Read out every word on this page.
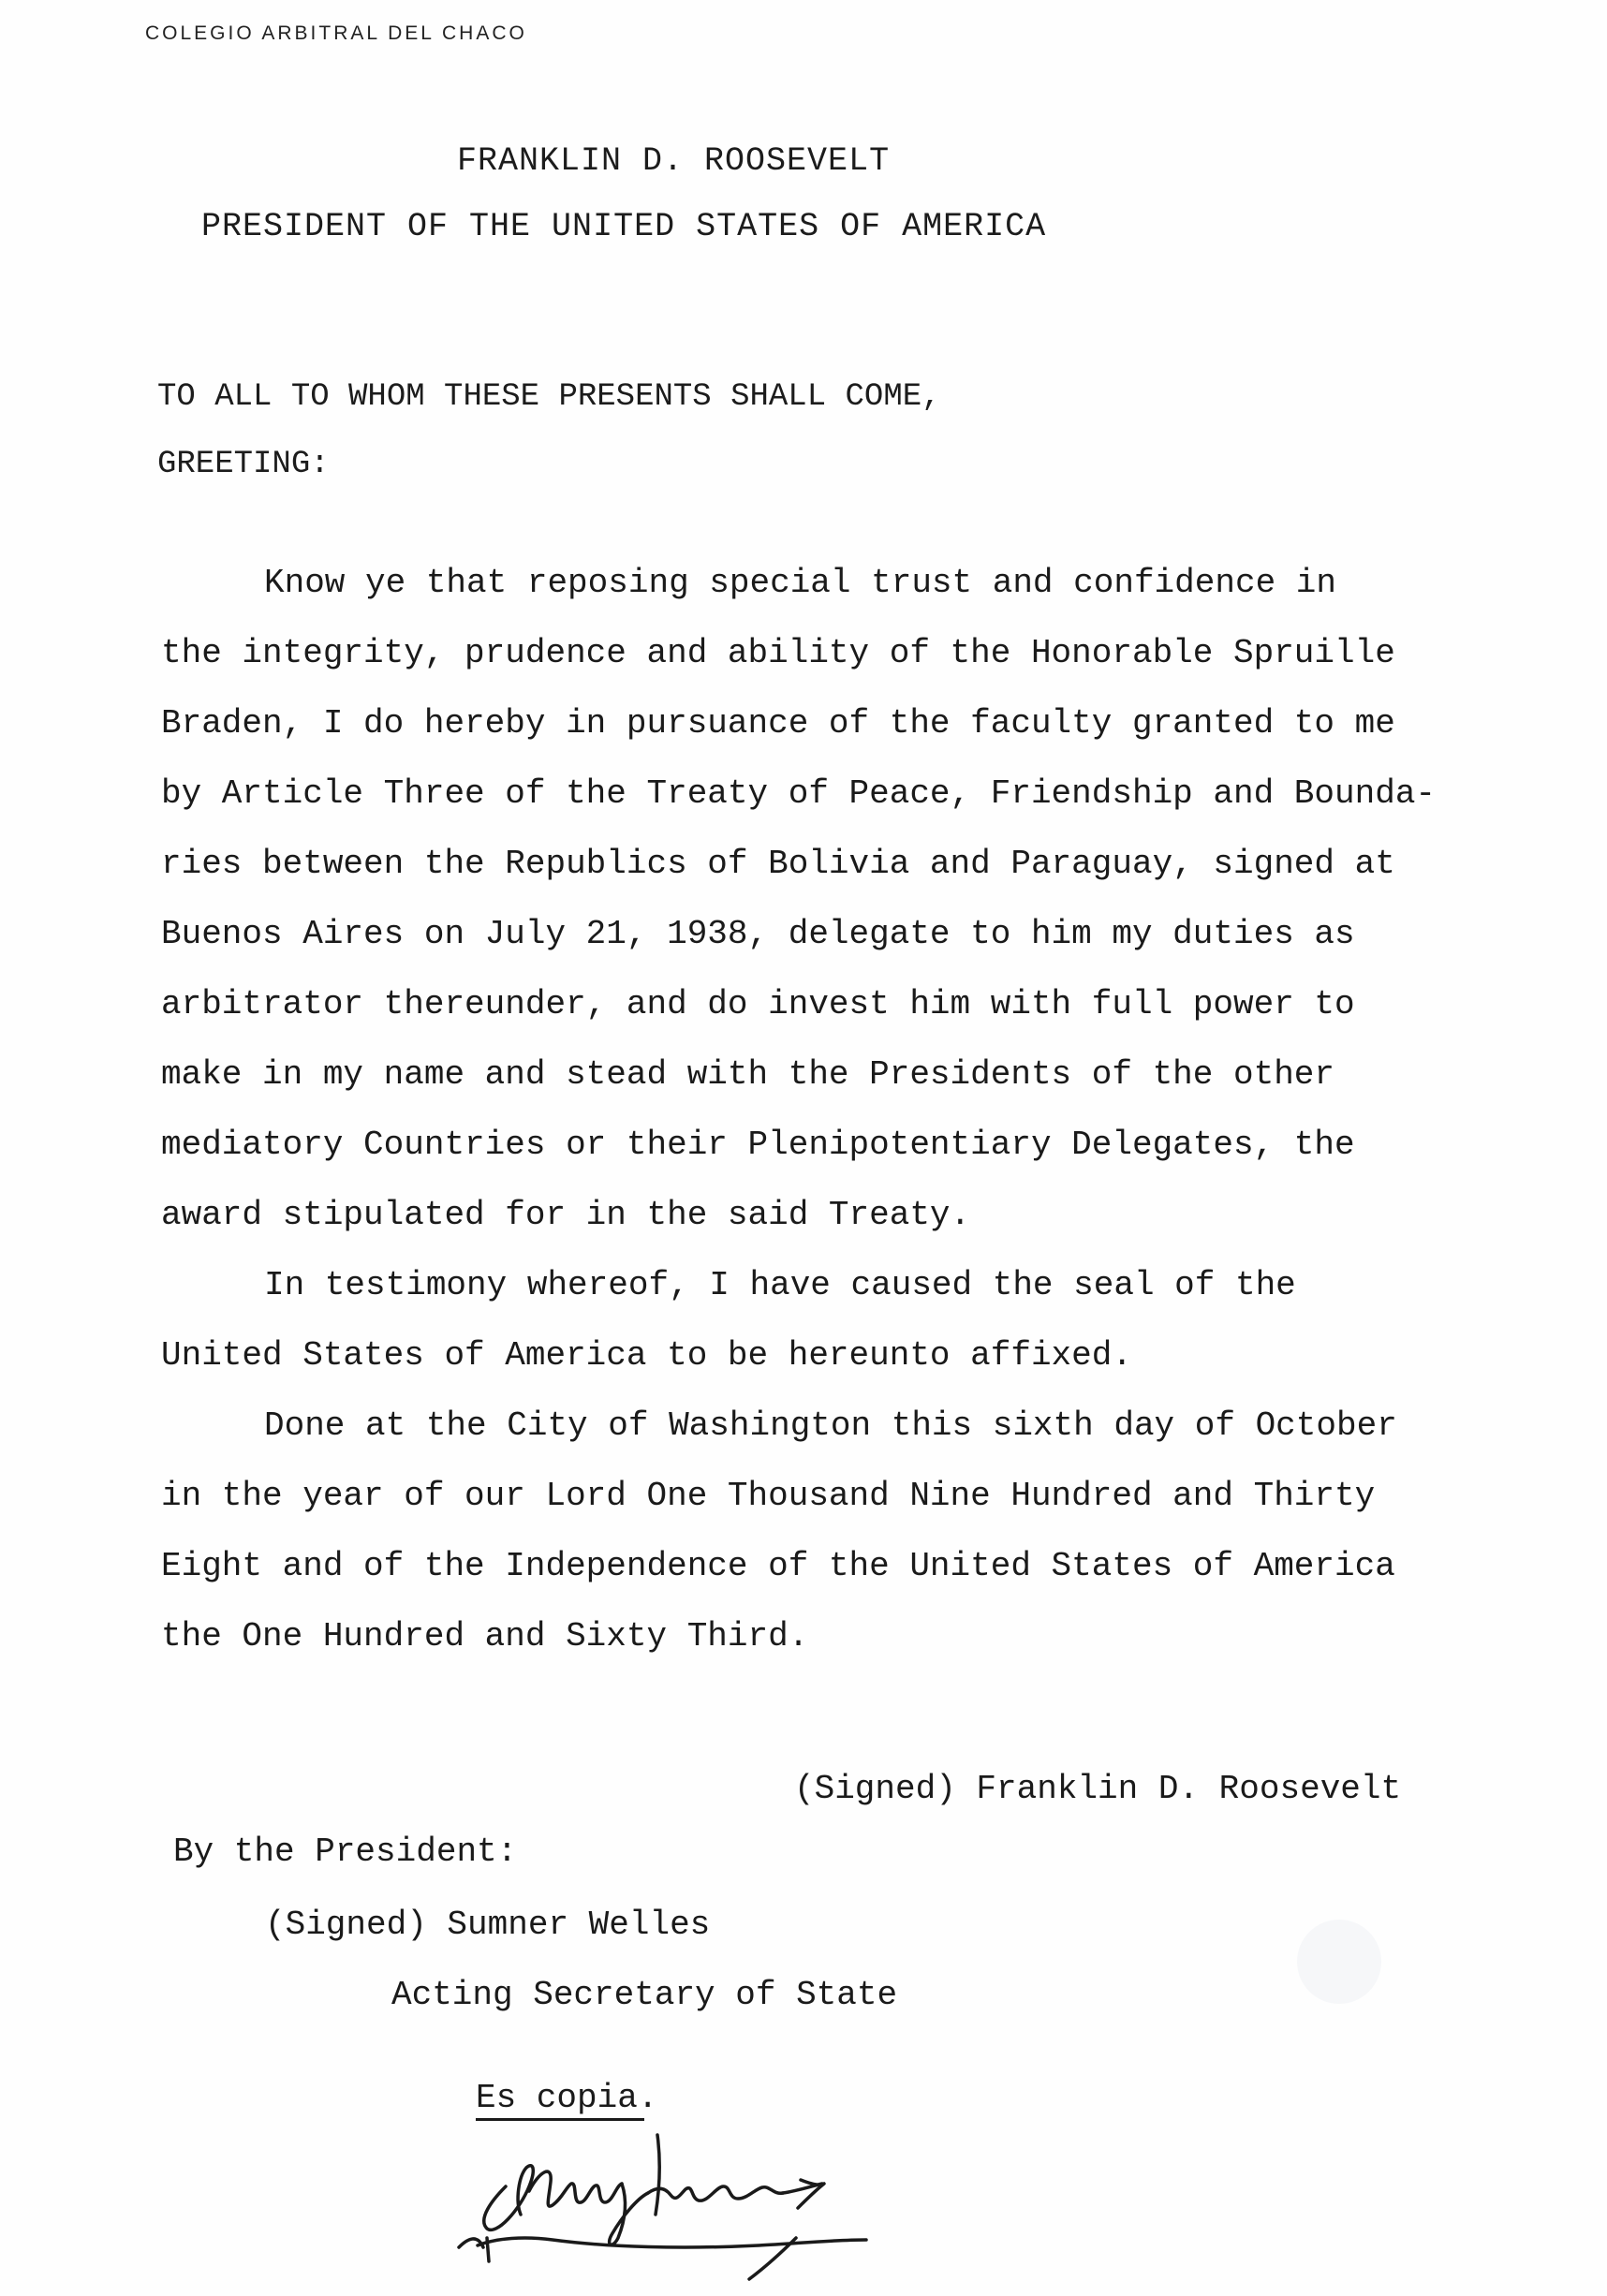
COLEGIO ARBITRAL DEL CHACO
FRANKLIN D. ROOSEVELT
PRESIDENT OF THE UNITED STATES OF AMERICA
TO ALL TO WHOM THESE PRESENTS SHALL COME,
GREETING:
Know ye that reposing special trust and confidence in
the integrity, prudence and ability of the Honorable Spruille
Braden, I do hereby in pursuance of the faculty granted to me
by Article Three of the Treaty of Peace, Friendship and Bounda-
ries between the Republics of Bolivia and Paraguay, signed at
Buenos Aires on July 21, 1938, delegate to him my duties as
arbitrator thereunder, and do invest him with full power to
make in my name and stead with the Presidents of the other
mediatory Countries or their Plenipotentiary Delegates, the
award stipulated for in the said Treaty.
In testimony whereof, I have caused the seal of the
United States of America to be hereunto affixed.
Done at the City of Washington this sixth day of October
in the year of our Lord One Thousand Nine Hundred and Thirty
Eight and of the Independence of the United States of America
the One Hundred and Sixty Third.
(Signed) Franklin D. Roosevelt
By the President:
(Signed) Sumner Welles
Acting Secretary of State
Es copia.
